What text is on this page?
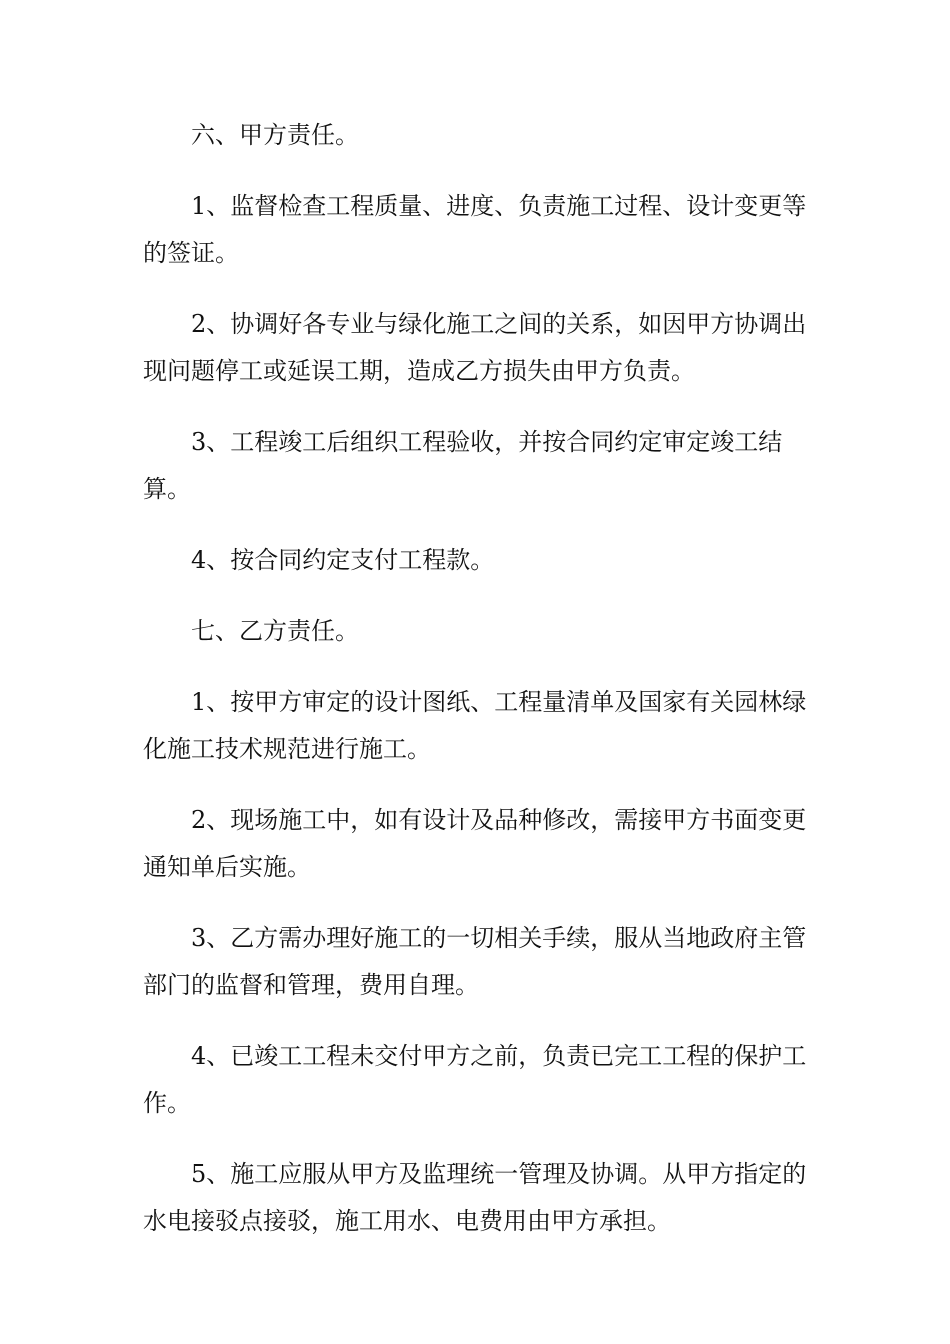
六、甲方责任。

1、监督检查工程质量、进度、负责施工过程、设计变更等的签证。

2、协调好各专业与绿化施工之间的关系，如因甲方协调出现问题停工或延误工期，造成乙方损失由甲方负责。

3、工程竣工后组织工程验收，并按合同约定审定竣工结算。

4、按合同约定支付工程款。

七、乙方责任。

1、按甲方审定的设计图纸、工程量清单及国家有关园林绿化施工技术规范进行施工。

2、现场施工中，如有设计及品种修改，需接甲方书面变更通知单后实施。

3、乙方需办理好施工的一切相关手续，服从当地政府主管部门的监督和管理，费用自理。

4、已竣工工程未交付甲方之前，负责已完工工程的保护工作。

5、施工应服从甲方及监理统一管理及协调。从甲方指定的水电接驳点接驳，施工用水、电费用由甲方承担。
